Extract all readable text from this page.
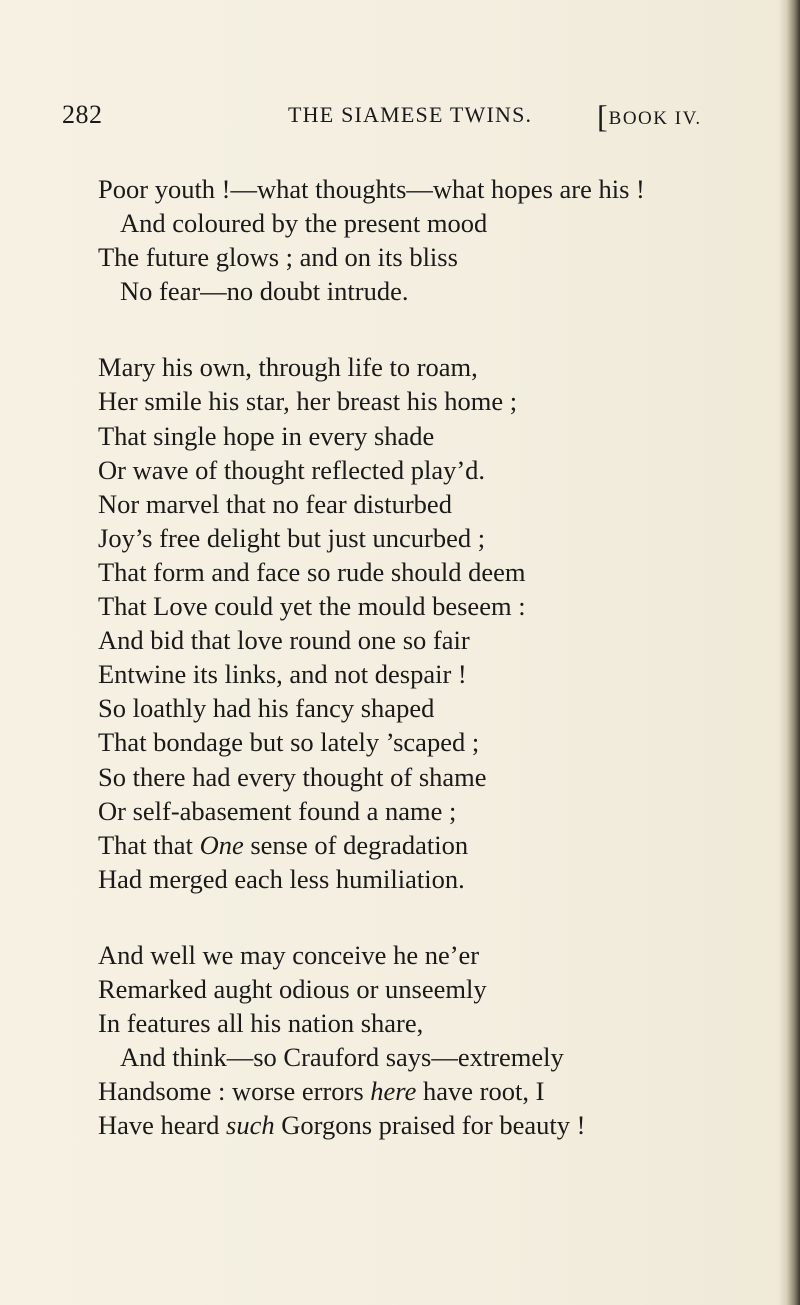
282	THE SIAMESE TWINS. [BOOK IV.
Poor youth !—what thoughts—what hopes are his !
And coloured by the present mood
The future glows ; and on its bliss
No fear—no doubt intrude.
Mary his own, through life to roam,
Her smile his star, her breast his home ;
That single hope in every shade
Or wave of thought reflected play’d.
Nor marvel that no fear disturbed
Joy’s free delight but just uncurbed ;
That form and face so rude should deem
That Love could yet the mould beseem :
And bid that love round one so fair
Entwine its links, and not despair !
So loathly had his fancy shaped
That bondage but so lately ’scaped ;
So there had every thought of shame
Or self-abasement found a name ;
That that One sense of degradation
Had merged each less humiliation.
And well we may conceive he ne’er
Remarked aught odious or unseemly
In features all his nation share,
And think—so Crauford says—extremely
Handsome : worse errors here have root, I
Have heard such Gorgons praised for beauty !
